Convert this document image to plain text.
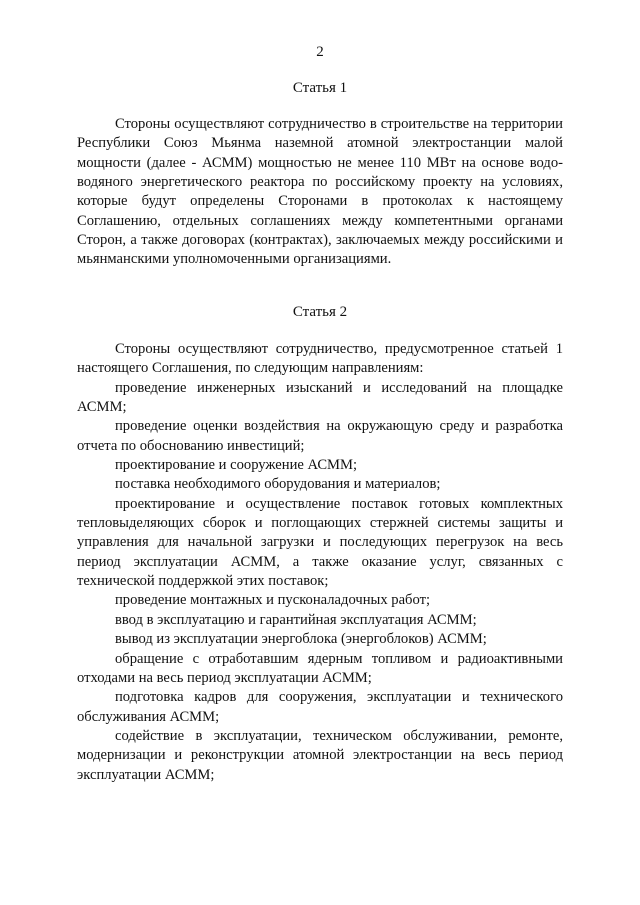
2
Статья 1

Стороны осуществляют сотрудничество в строительстве на территории Республики Союз Мьянма наземной атомной электростанции малой мощности (далее - АСММ) мощностью не менее 110 МВт на основе водо-водяного энергетического реактора по российскому проекту на условиях, которые будут определены Сторонами в протоколах к настоящему Соглашению, отдельных соглашениях между компетентными органами Сторон, а также договорах (контрактах), заключаемых между российскими и мьянманскими уполномоченными организациями.

Статья 2

Стороны осуществляют сотрудничество, предусмотренное статьей 1 настоящего Соглашения, по следующим направлениям:

проведение инженерных изысканий и исследований на площадке АСММ;

проведение оценки воздействия на окружающую среду и разработка отчета по обоснованию инвестиций;

проектирование и сооружение АСММ;

поставка необходимого оборудования и материалов;

проектирование и осуществление поставок готовых комплектных тепловыделяющих сборок и поглощающих стержней системы защиты и управления для начальной загрузки и последующих перегрузок на весь период эксплуатации АСММ, а также оказание услуг, связанных с технической поддержкой этих поставок;

проведение монтажных и пусконаладочных работ;

ввод в эксплуатацию и гарантийная эксплуатация АСММ;

вывод из эксплуатации энергоблока (энергоблоков) АСММ;

обращение с отработавшим ядерным топливом и радиоактивными отходами на весь период эксплуатации АСММ;

подготовка кадров для сооружения, эксплуатации и технического обслуживания АСММ;

содействие в эксплуатации, техническом обслуживании, ремонте, модернизации и реконструкции атомной электростанции на весь период эксплуатации АСММ;
